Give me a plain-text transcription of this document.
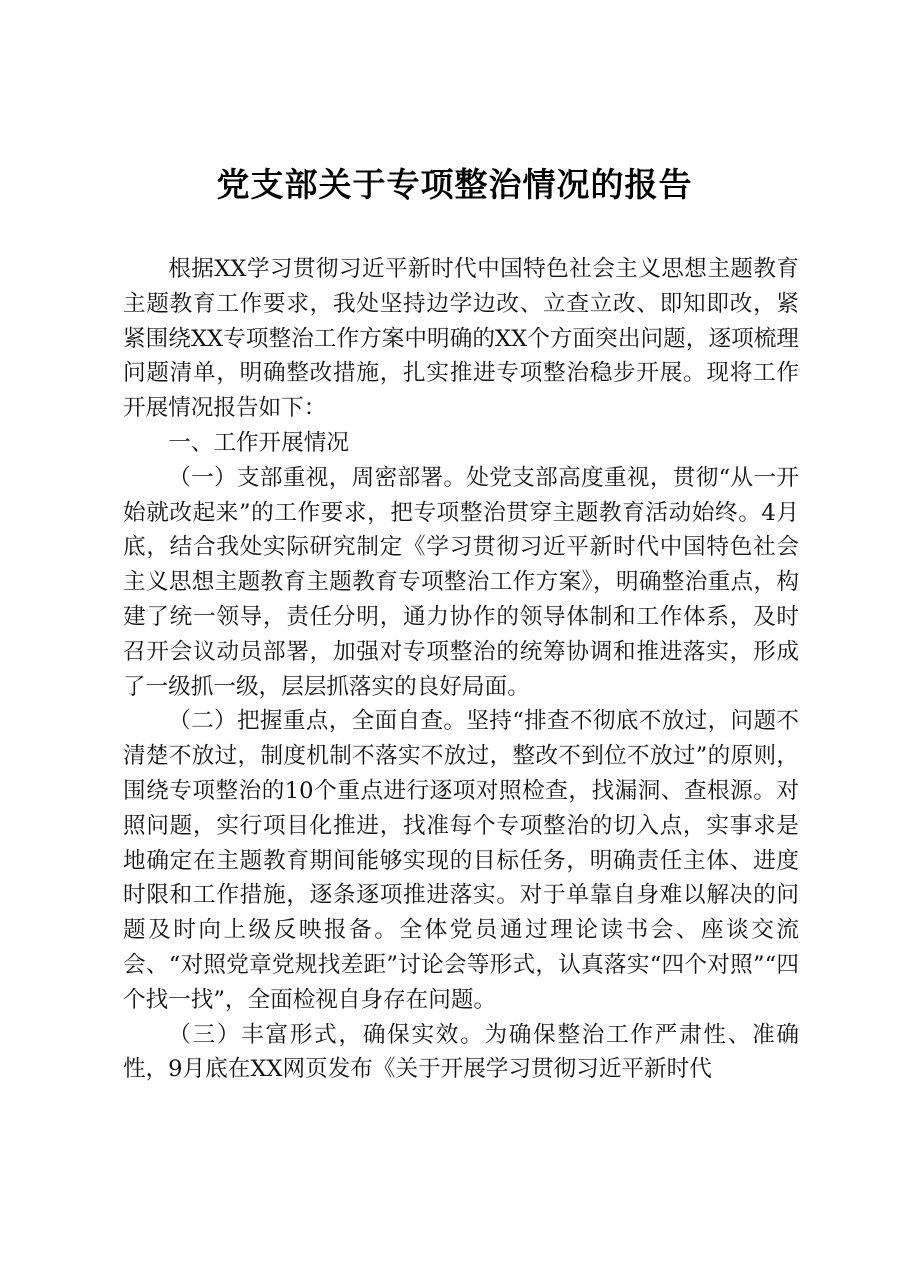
党支部关于专项整治情况的报告

根据XX学习贯彻习近平新时代中国特色社会主义思想主题教育主题教育工作要求，我处坚持边学边改、立查立改、即知即改，紧紧围绕XX专项整治工作方案中明确的XX个方面突出问题，逐项梳理问题清单，明确整改措施，扎实推进专项整治稳步开展。现将工作开展情况报告如下：

一、工作开展情况

（一）支部重视，周密部署。处党支部高度重视，贯彻“从一开始就改起来”的工作要求，把专项整治贯穿主题教育活动始终。4月底，结合我处实际研究制定《学习贯彻习近平新时代中国特色社会主义思想主题教育主题教育专项整治工作方案》，明确整治重点，构建了统一领导，责任分明，通力协作的领导体制和工作体系，及时召开会议动员部署，加强对专项整治的统筹协调和推进落实，形成了一级抓一级，层层抓落实的良好局面。

（二）把握重点，全面自查。坚持“排查不彻底不放过，问题不清楚不放过，制度机制不落实不放过，整改不到位不放过”的原则，围绕专项整治的10个重点进行逐项对照检查，找漏洞、查根源。对照问题，实行项目化推进，找准每个专项整治的切入点，实事求是地确定在主题教育期间能够实现的目标任务，明确责任主体、进度时限和工作措施，逐条逐项推进落实。对于单靠自身难以解决的问题及时向上级反映报备。全体党员通过理论读书会、座谈交流会、“对照党章党规找差距”讨论会等形式，认真落实“四个对照”“四个找一找”，全面检视自身存在问题。

（三）丰富形式，确保实效。为确保整治工作严肃性、准确性，9月底在XX网页发布《关于开展学习贯彻习近平新时代
